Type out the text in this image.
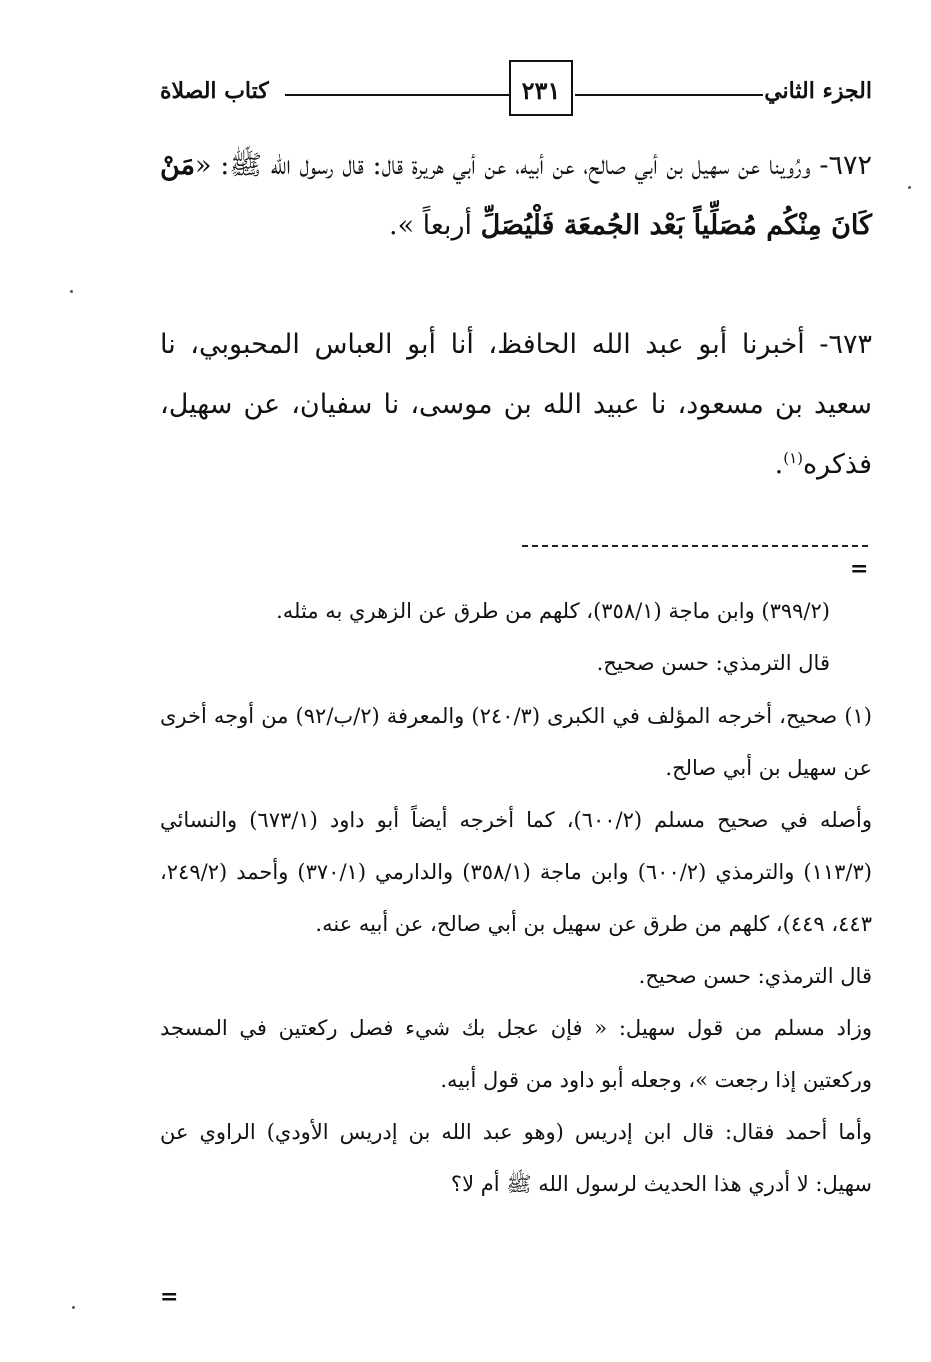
الجزء الثاني
٢٣١
كتاب الصلاة
٦٧٢- ورُوينا عن سهيل بن أبي صالح، عن أبيه، عن أبي هريرة قال: قال رسول الله ﷺ: «مَنْ كَانَ مِنْكُم مُصَلِّياً بَعْد الجُمعَة فَلْيُصَلِّ أربعاً ».
٦٧٣- أخبرنا أبو عبد الله الحافظ، أنا أبو العباس المحبوبي، نا سعيد بن مسعود، نا عبيد الله بن موسى، نا سفيان، عن سهيل، فذكره$^{(١)}$.
=
(٣٩٩/٢) وابن ماجة (٣٥٨/١)، كلهم من طرق عن الزهري به مثله.
قال الترمذي: حسن صحيح.
(١) صحيح، أخرجه المؤلف في الكبرى (٢٤٠/٣) والمعرفة (٢/ب/٩٢) من أوجه أخرى عن سهيل بن أبي صالح.
وأصله في صحيح مسلم (٦٠٠/٢)، كما أخرجه أيضاً أبو داود (٦٧٣/١) والنسائي (١١٣/٣) والترمذي (٦٠٠/٢) وابن ماجة (٣٥٨/١) والدارمي (٣٧٠/١) وأحمد (٢٤٩/٢، ٤٤٣، ٤٤٩)، كلهم من طرق عن سهيل بن أبي صالح، عن أبيه عنه.
قال الترمذي: حسن صحيح.
وزاد مسلم من قول سهيل: « فإن عجل بك شيء فصل ركعتين في المسجد وركعتين إذا رجعت »، وجعله أبو داود من قول أبيه.
وأما أحمد فقال: قال ابن إدريس (وهو عبد الله بن إدريس الأودي) الراوي عن سهيل: لا أدري هذا الحديث لرسول الله ﷺ أم لا؟
=
